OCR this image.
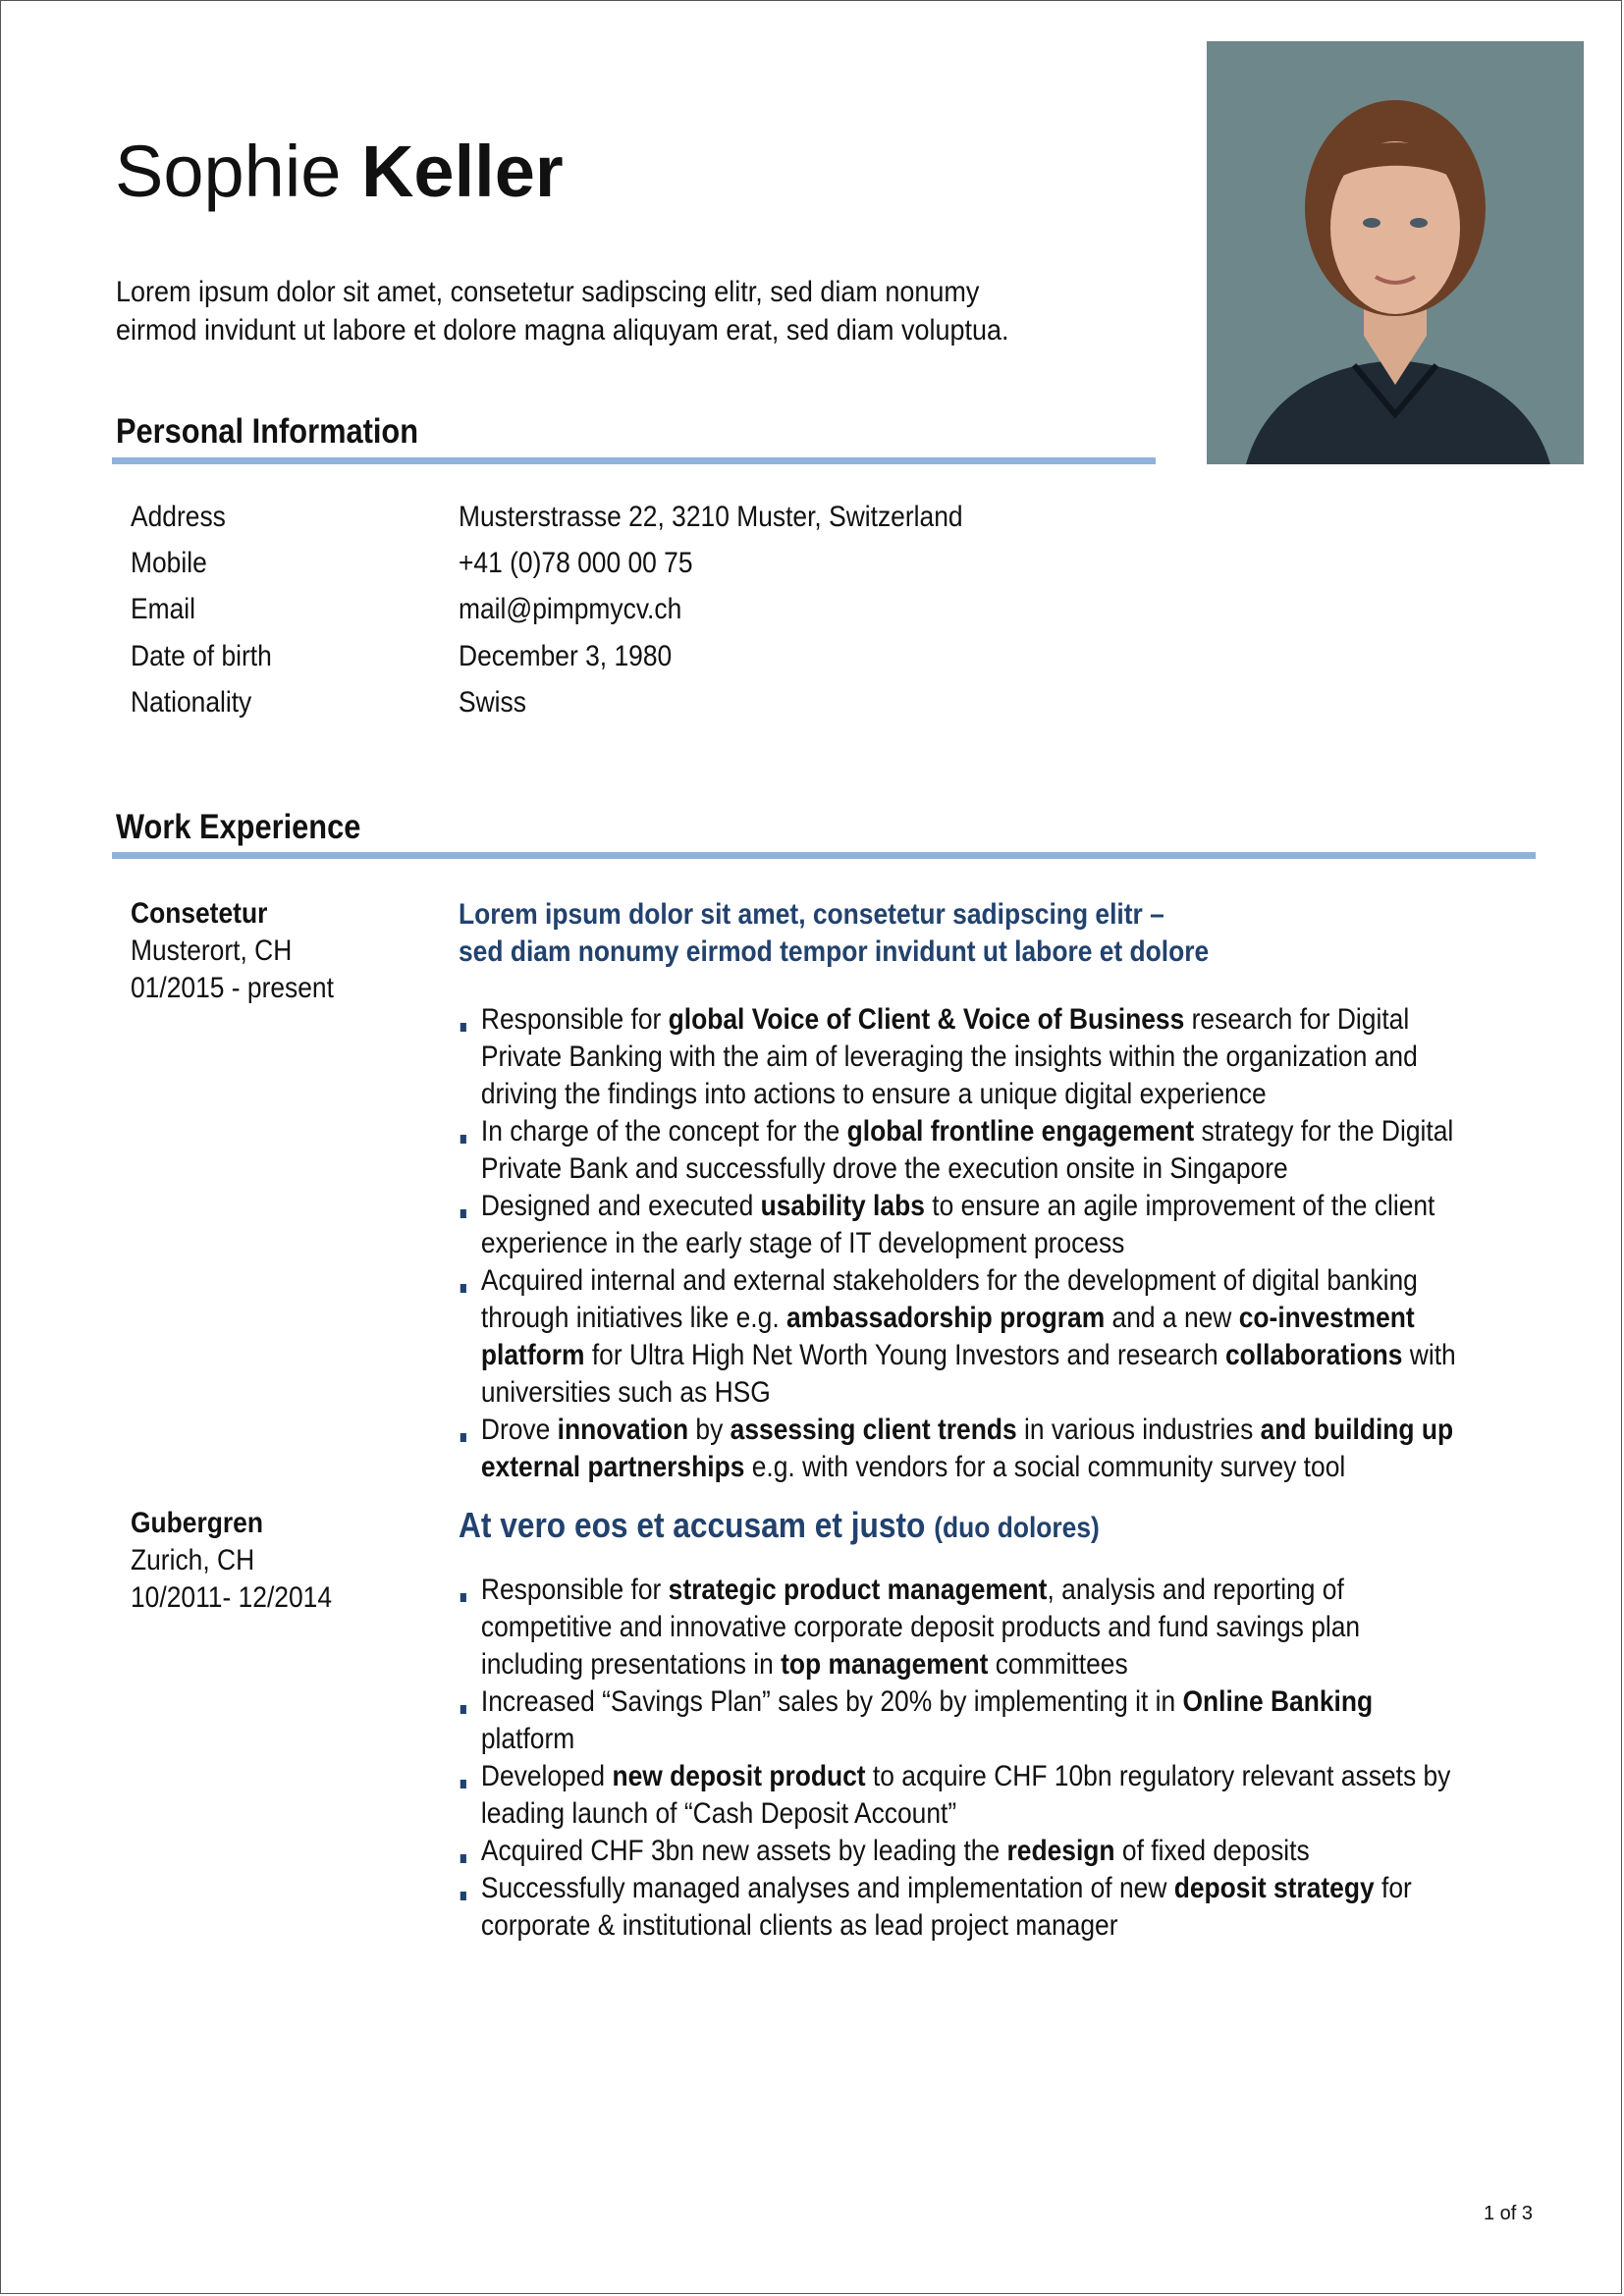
Sophie Keller
Lorem ipsum dolor sit amet, consetetur sadipscing elitr, sed diam nonumy eirmod invidunt ut labore et dolore magna aliquyam erat, sed diam voluptua.
Personal Information
Address	Musterstrasse 22, 3210 Muster, Switzerland
Mobile	+41 (0)78 000 00 75
Email	mail@pimpmycv.ch
Date of birth	December 3, 1980
Nationality	Swiss
Work Experience
Consetetur
Musterort, CH
01/2015 - present
Lorem ipsum dolor sit amet, consetetur sadipscing elitr –
sed diam nonumy eirmod tempor invidunt ut labore et dolore
Responsible for global Voice of Client & Voice of Business research for Digital Private Banking with the aim of leveraging the insights within the organization and driving the findings into actions to ensure a unique digital experience
In charge of the concept for the global frontline engagement strategy for the Digital Private Bank and successfully drove the execution onsite in Singapore
Designed and executed usability labs to ensure an agile improvement of the client experience in the early stage of IT development process
Acquired internal and external stakeholders for the development of digital banking through initiatives like e.g. ambassadorship program and a new co-investment platform for Ultra High Net Worth Young Investors and research collaborations with universities such as HSG
Drove innovation by assessing client trends in various industries and building up external partnerships e.g. with vendors for a social community survey tool
Gubergren
Zurich, CH
10/2011- 12/2014
At vero eos et accusam et justo (duo dolores)
Responsible for strategic product management, analysis and reporting of competitive and innovative corporate deposit products and fund savings plan including presentations in top management committees
Increased “Savings Plan” sales by 20% by implementing it in Online Banking platform
Developed new deposit product to acquire CHF 10bn regulatory relevant assets by leading launch of “Cash Deposit Account”
Acquired CHF 3bn new assets by leading the redesign of fixed deposits
Successfully managed analyses and implementation of new deposit strategy for corporate & institutional clients as lead project manager
1 of 3
